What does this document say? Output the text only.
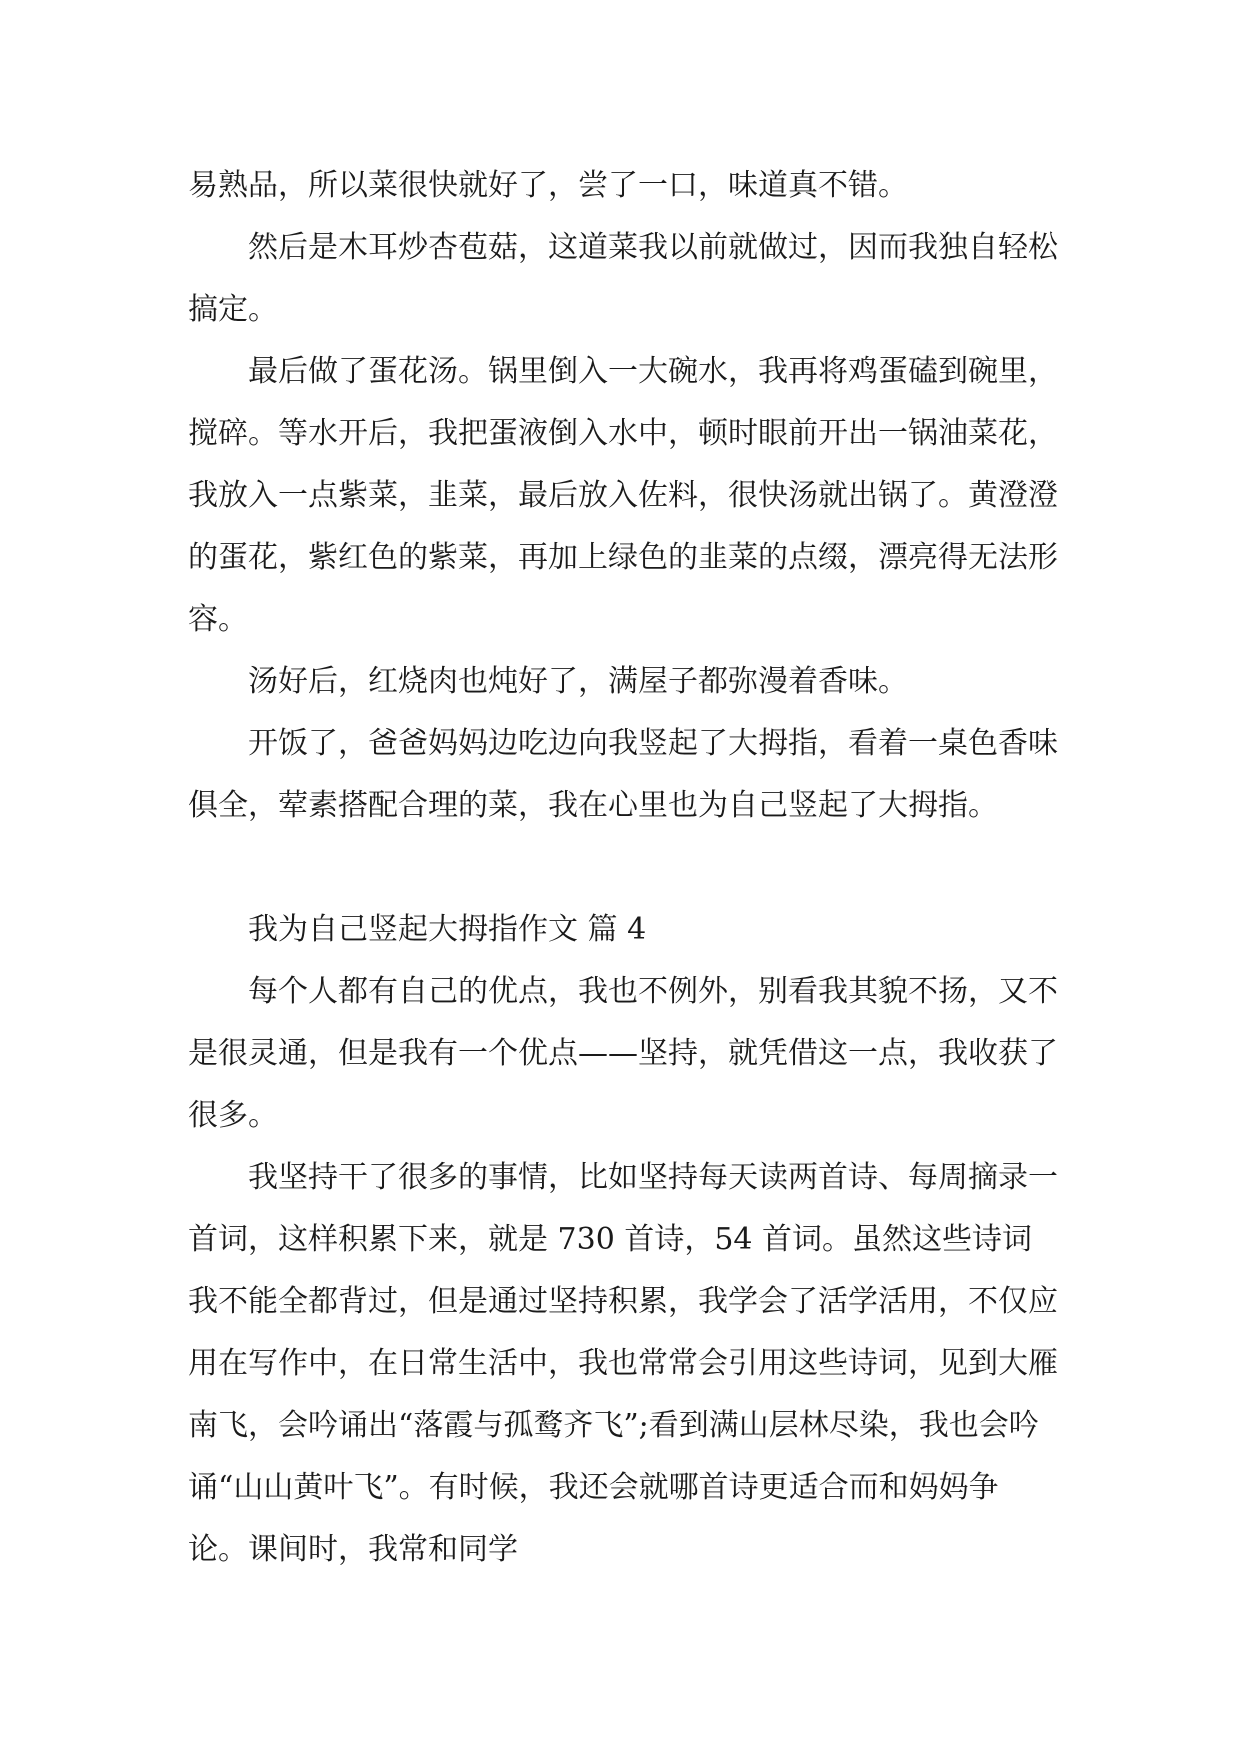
易熟品，所以菜很快就好了，尝了一口，味道真不错。

然后是木耳炒杏苞菇，这道菜我以前就做过，因而我独自轻松搞定。

最后做了蛋花汤。锅里倒入一大碗水，我再将鸡蛋磕到碗里，搅碎。等水开后，我把蛋液倒入水中，顿时眼前开出一锅油菜花，我放入一点紫菜，韭菜，最后放入佐料，很快汤就出锅了。黄澄澄的蛋花，紫红色的紫菜，再加上绿色的韭菜的点缀，漂亮得无法形容。

汤好后，红烧肉也炖好了，满屋子都弥漫着香味。

开饭了，爸爸妈妈边吃边向我竖起了大拇指，看着一桌色香味俱全，荤素搭配合理的菜，我在心里也为自己竖起了大拇指。

我为自己竖起大拇指作文 篇 4

每个人都有自己的优点，我也不例外，别看我其貌不扬，又不是很灵通，但是我有一个优点——坚持，就凭借这一点，我收获了很多。

我坚持干了很多的事情，比如坚持每天读两首诗、每周摘录一首词，这样积累下来，就是 730 首诗，54 首词。虽然这些诗词我不能全都背过，但是通过坚持积累，我学会了活学活用，不仅应用在写作中，在日常生活中，我也常常会引用这些诗词，见到大雁南飞，会吟诵出“落霞与孤鹜齐飞”;看到满山层林尽染，我也会吟诵“山山黄叶飞”。有时候，我还会就哪首诗更适合而和妈妈争论。课间时，我常和同学
